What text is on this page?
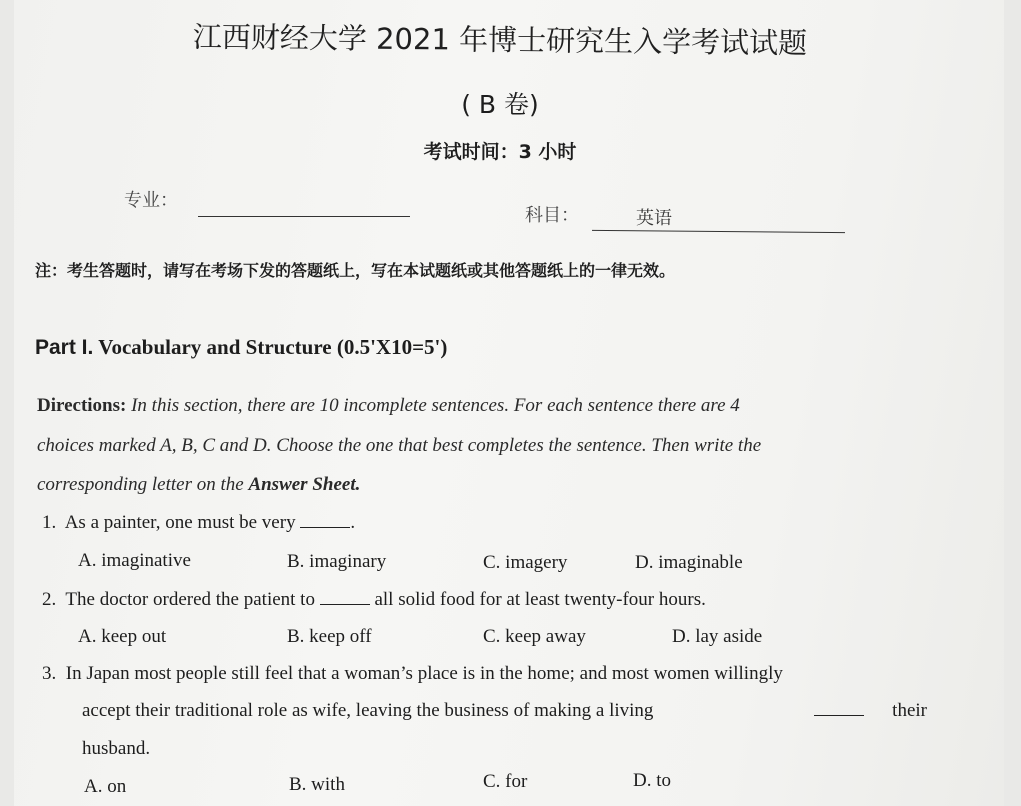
江西财经大学 2021 年博士研究生入学考试试题
( B 卷)
考试时间：3 小时
专业：
科目：	英语
注：考生答题时，请写在考场下发的答题纸上，写在本试题纸或其他答题纸上的一律无效。
Part I. Vocabulary and Structure (0.5'X10=5')
Directions: In this section, there are 10 incomplete sentences. For each sentence there are 4
choices marked A, B, C and D. Choose the one that best completes the sentence. Then write the
corresponding letter on the Answer Sheet.
1. As a painter, one must be very	.
A. imaginative	B. imaginary	C. imagery	D. imaginable
2. The doctor ordered the patient to	all solid food for at least twenty-four hours.
A. keep out	B. keep off	C. keep away	D. lay aside
3. In Japan most people still feel that a woman’s place is in the home; and most women willingly
accept their traditional role as wife, leaving the business of making a living	their
husband.
A. on	B. with	C. for	D. to
